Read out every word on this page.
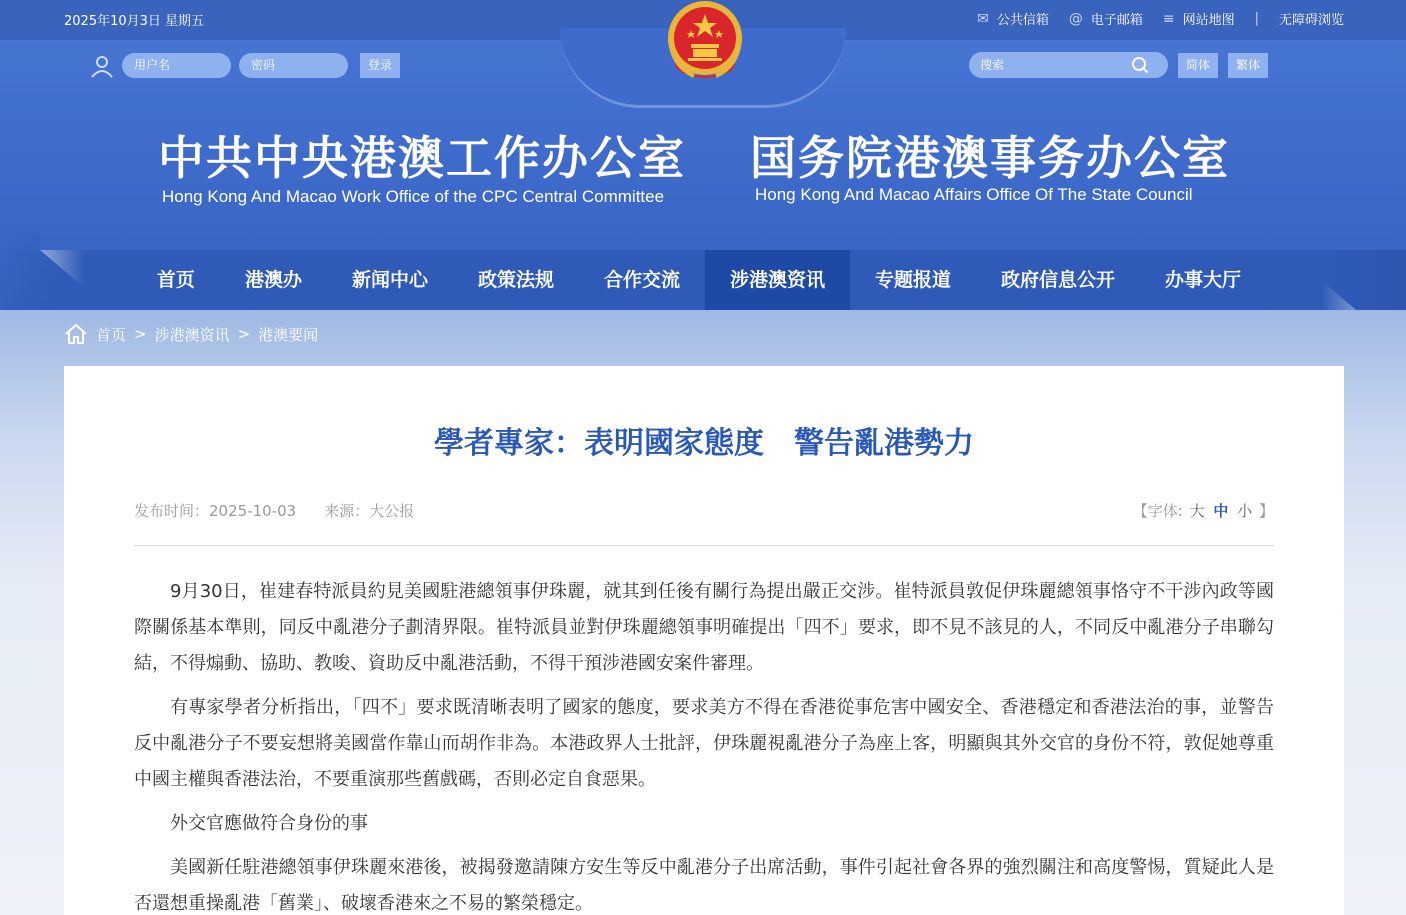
2025年10月3日 星期五	✉ 公共信箱 @ 电子邮箱 ≡ 网站地图 | 无障碍浏览
用户名
密码
登录
搜索	简体	繁体
中共中央港澳工作办公室
Hong Kong And Macao Work Office of the CPC Central Committee
国务院港澳事务办公室
Hong Kong And Macao Affairs Office Of The State Council
首页	港澳办	新闻中心	政策法规	合作交流	涉港澳资讯	专题报道	政府信息公开	办事大厅
首页 > 涉港澳资讯 > 港澳要闻
學者專家：表明國家態度　警告亂港勢力
发布时间：2025-10-03 来源：大公报	【字体: 大 中 小 】

9月30日，崔建春特派員約見美國駐港總領事伊珠麗，就其到任後有關行為提出嚴正交涉。崔特派員敦促伊珠麗總領事恪守不干涉內政等國際關係基本準則，同反中亂港分子劃清界限。崔特派員並對伊珠麗總領事明確提出「四不」要求，即不見不該見的人，不同反中亂港分子串聯勾結，不得煽動、協助、教唆、資助反中亂港活動，不得干預涉港國安案件審理。

有專家學者分析指出，「四不」要求既清晰表明了國家的態度，要求美方不得在香港從事危害中國安全、香港穩定和香港法治的事，並警告反中亂港分子不要妄想將美國當作靠山而胡作非為。本港政界人士批評，伊珠麗視亂港分子為座上客，明顯與其外交官的身份不符，敦促她尊重中國主權與香港法治，不要重演那些舊戲碼，否則必定自食惡果。

外交官應做符合身份的事

美國新任駐港總領事伊珠麗來港後，被揭發邀請陳方安生等反中亂港分子出席活動，事件引起社會各界的強烈關注和高度警惕，質疑此人是否還想重操亂港「舊業」、破壞香港來之不易的繁榮穩定。
